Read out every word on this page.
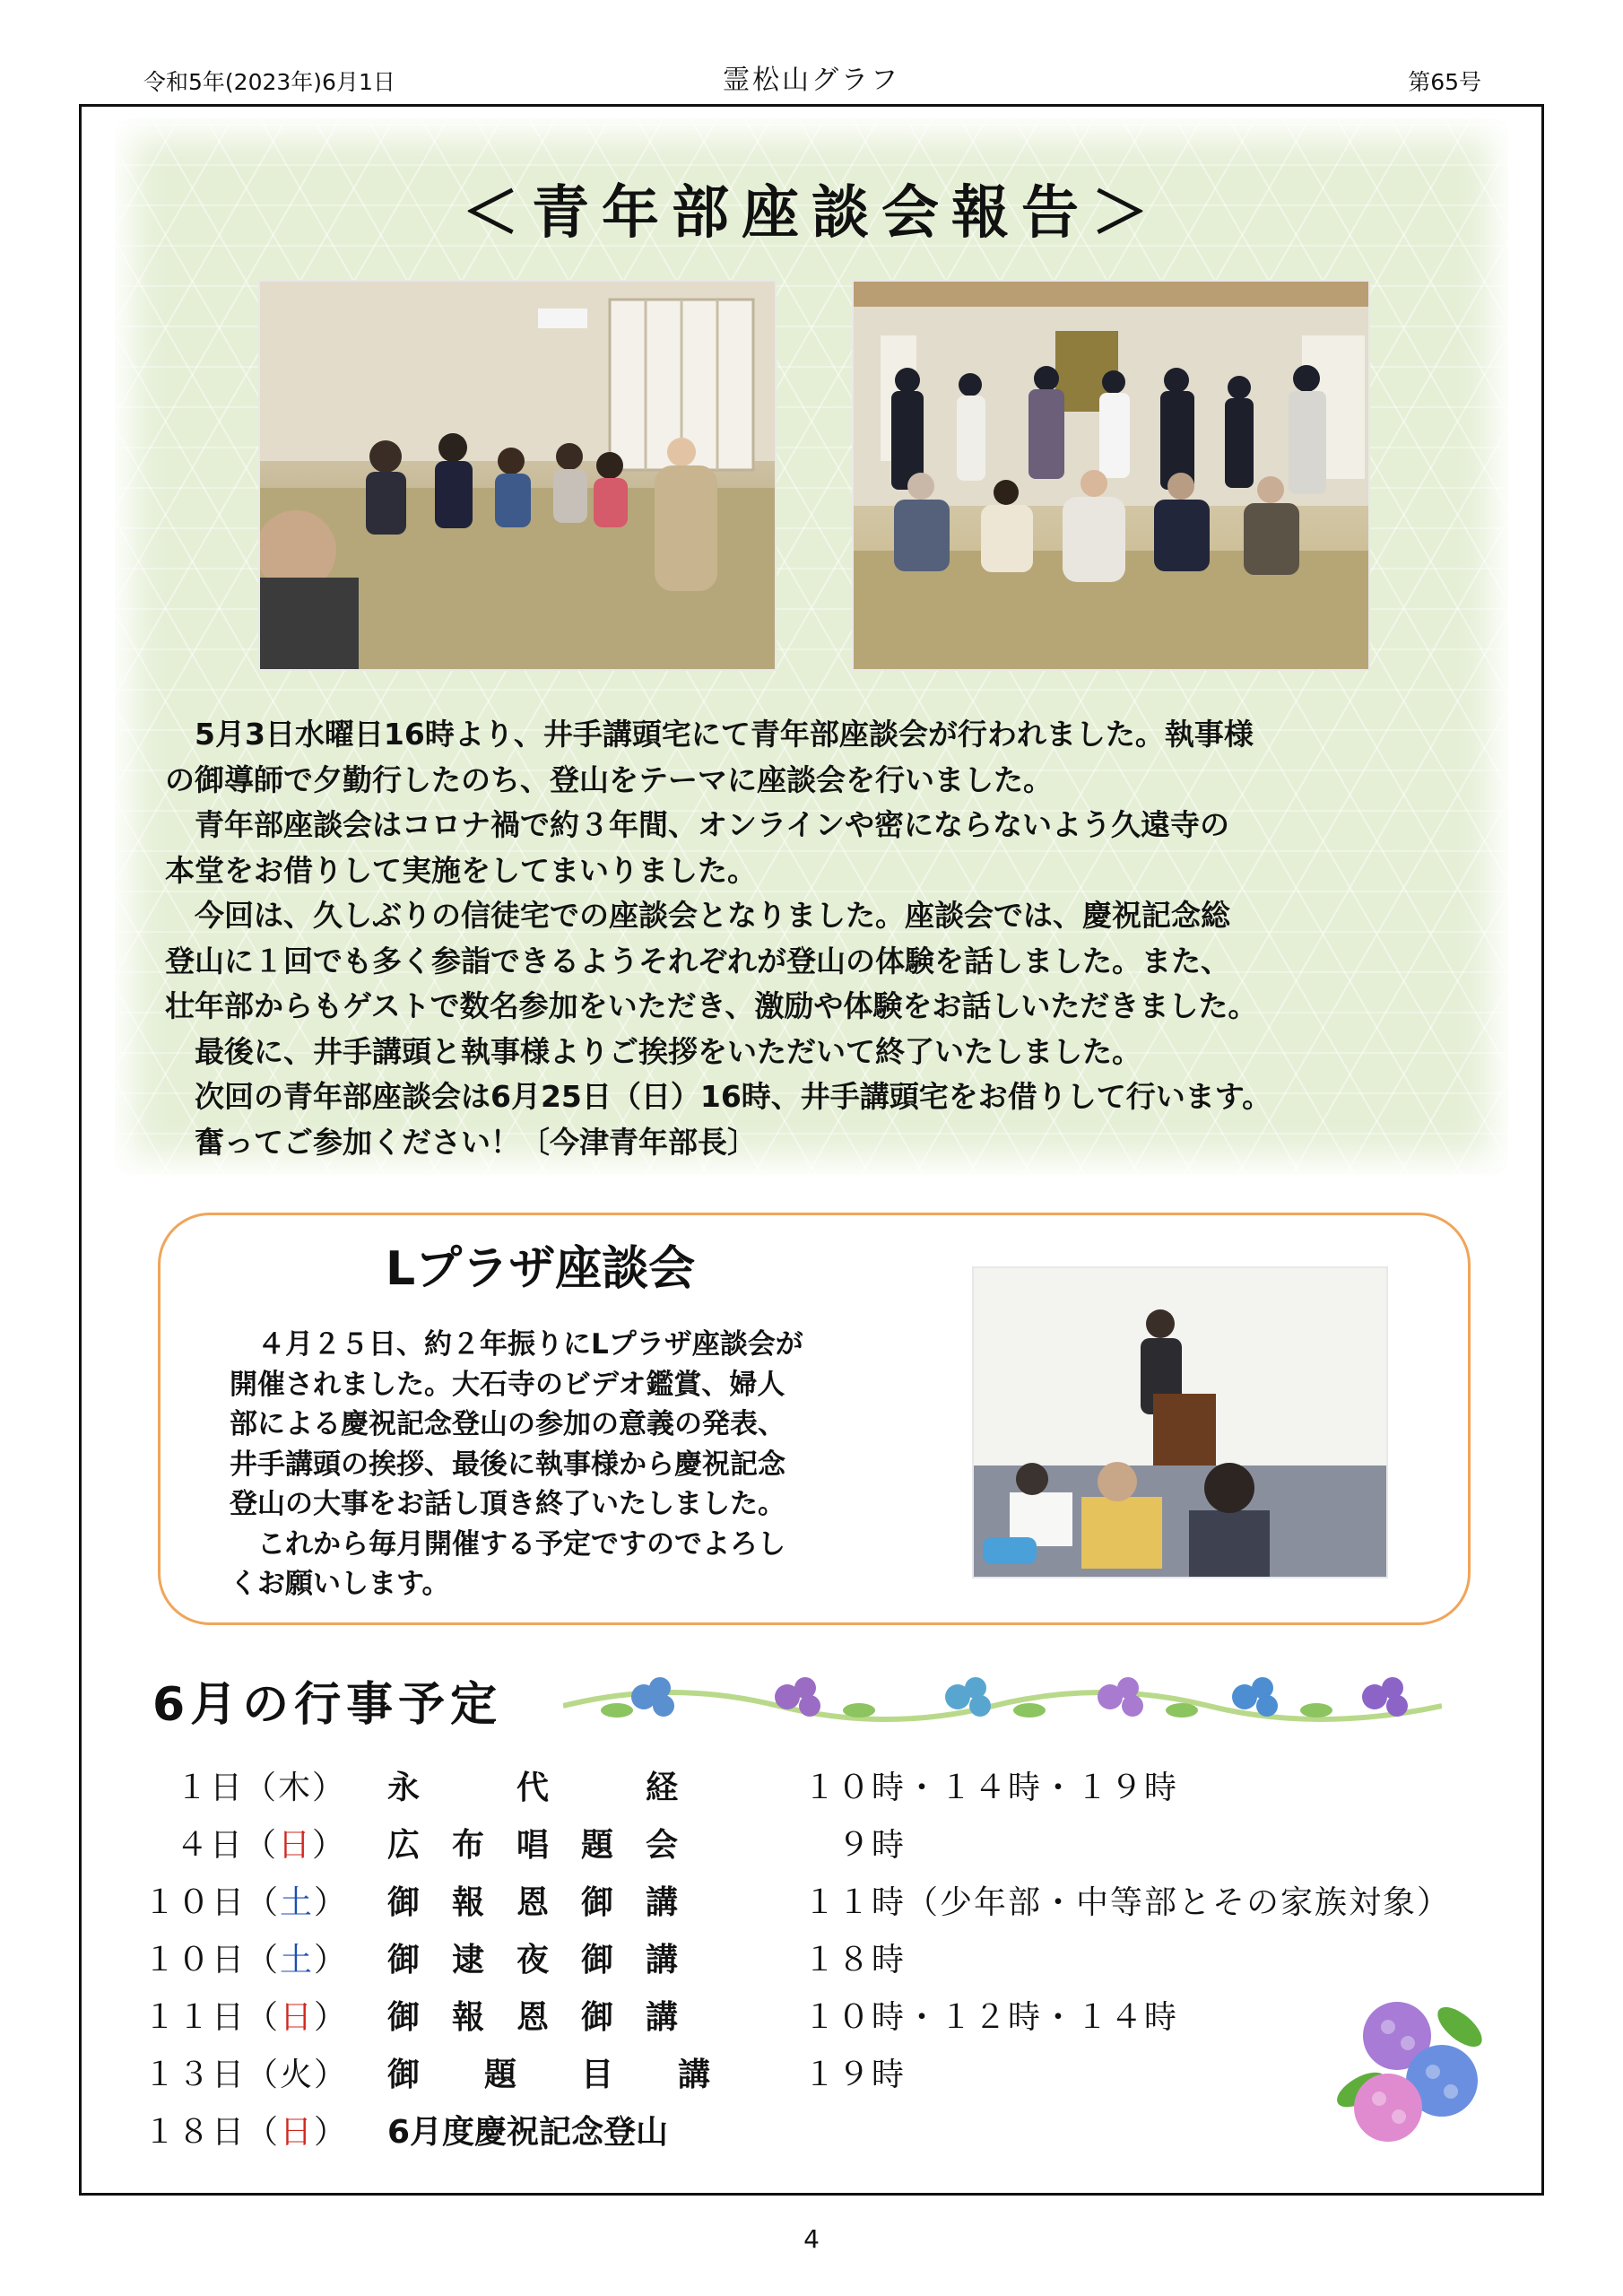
令和5年(2023年)6月1日	霊松山グラフ	第65号
＜青年部座談会報告＞

　5月3日水曜日16時より、井手講頭宅にて青年部座談会が行われました。執事様

の御導師で夕勤行したのち、登山をテーマに座談会を行いました。

　青年部座談会はコロナ禍で約３年間、オンラインや密にならないよう久遠寺の

本堂をお借りして実施をしてまいりました。

　今回は、久しぶりの信徒宅での座談会となりました。座談会では、慶祝記念総

登山に１回でも多く参詣できるようそれぞれが登山の体験を話しました。また、

壮年部からもゲストで数名参加をいただき、激励や体験をお話しいただきました。

　最後に、井手講頭と執事様よりご挨拶をいただいて終了いたしました。

　次回の青年部座談会は6月25日（日）16時、井手講頭宅をお借りして行います。

　奮ってご参加ください！〔今津青年部長〕

Lプラザ座談会

　４月２５日、約２年振りにLプラザ座談会が

開催されました。大石寺のビデオ鑑賞、婦人

部による慶祝記念登山の参加の意義の発表、

井手講頭の挨拶、最後に執事様から慶祝記念

登山の大事をお話し頂き終了いたしました。

　これから毎月開催する予定ですのでよろし

くお願いします。

6月の行事予定
１日（木） 永　　　代　　　経	１０時・１４時・１９時
４日（日） 広　布　唱　題　会	　９時
１０日（土） 御　報　恩　御　講	１１時（少年部・中等部とその家族対象）
１０日（土） 御　逮　夜　御　講	１８時
１１日（日） 御　報　恩　御　講	１０時・１２時・１４時
１３日（火） 御　　題　　目　　講	１９時
１８日（日） 6月度慶祝記念登山
4
